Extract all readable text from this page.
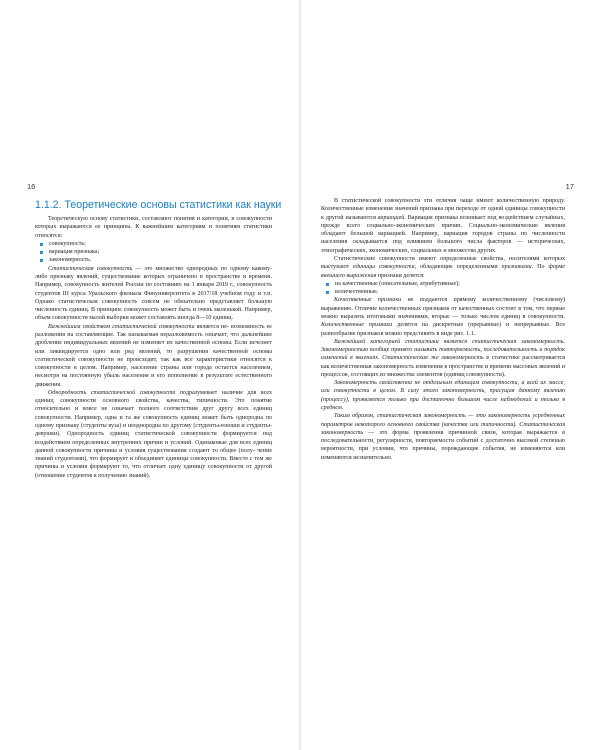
16
1.1.2. Теоретические основы статистики как науки

Теоретическую основу статистики, составляют понятия и категории, в совокупности которых выражаются ее принципы. К важнейшим категориям и понятиям статистики относятся:

совокупность;
вариация признака;
закономерность.

Статистическая совокупность — это множество однородных по одному какому-либо признаку явлений, существование которых ограничено в пространстве и времени. Например, совокупность жителей России по состоянию на 1 января 2019 г., совокупность студентов III курса Уральского филиала Финуниверситета в 2017/18 учебном году и т.п. Однако статистическая совокупность совсем не обязательно представляет большую численность единиц. В принципе совокупность может быть и очень маленькой. Например, объем совокупности малой выборки может составлять иногда 8—10 единиц.

Важнейшим свойством статистической совокупности является не- возможность ее разложения на составляющие. Так называемая неразложимость означает, что дальнейшее дробление индивидуальных явлений не изменяет их качественной основы. Если исчезнет или ликвидируется одно или ряд явлений, то разрушения качественной основы статистической совокупности не происходит, так как все характеристики относятся к совокупности в целом. Например, население страны или города остается населением, несмотря на постоянную убыль населения и его пополнение в результате естественного движения.

Однородность статистической совокупности подразумевает наличие для всех единиц совокупности основного свойства, качества, типичности. Это понятие относительно и вовсе не означает полного соответствия друг другу всех единиц совокупности. Например, одна и та же совокупность единиц может быть однородна по одному признаку (студенты вуза) и неоднородна по другому (студенты-юноши и студенты-девушки). Однородность единиц статистической совокупности формируется под воздействием определенных внутренних причин и условий. Одинаковые для всех единиц данной совокупности причины и условия существования создают то общее (полу- чение знаний студентами), что формирует и объединяет единицы совокупности. Вместе с тем же причины и условия формируют то, что отличает одну единицу совокупности от другой (отношение студентов к получению знаний).

17

В статистической совокупности эти отличия чаще имеют количественную природу. Количественные изменения значений признака при переходе от одной единицы совокупности к другой называются вариацией. Вариация признака возникает под воздействием случайных, прежде всего социально-экономических причин. Социально-экономические явления обладают большой вариацией. Например, вариация городов страны по численности населения складывается под влиянием большого числа факторов — исторических, этнографических, экономических, социальных и множества других.

Статистические совокупности имеют определенные свойства, носителями которых выступают единицы совокупности, обладающие определенными признаками. По форме внешнего выражения признаки делятся:

на качественные (описательные, атрибутивные);
количественные.

Качественные признаки не поддаются прямому количественному (числовому) выражению. Отличие количественных признаков от качественных состоит в том, что первые можно выразить итоговыми значениями, вторые — только числом единиц в совокупности. Количественные признаки делятся на дискретные (прерывные) и непрерывные. Все разнообразие признаков можно представить в виде рис. 1.1.

Важнейшей категорией статистики является статистическая закономерность. Закономерностью вообще принято называть повторяемость, последовательность и порядок изменений в явлениях. Статистическая же закономерность в статистике рассматривается как количественная закономерность изменения в пространстве и времени массовых явлений и процессов, состоящих из множества элементов (единиц совокупности).

Закономерность свойственна не отдельным единицам совокупности, а всей их массе, или совокупности в целом. В силу этого закономерность, присущая данному явлению (процессу), проявляется только при достаточно большом числе наблюдений и только в среднем.

Таким образом, статистическая закономерность — это закономерность усредненных параметров некоторого основного свойства (качества или типичности). Статистическая закономерность — это форма проявления причинной связи, которая выражается в последовательности, регулярности, повторяемости событий с достаточно высокой степенью вероятности, при условии, что причины, порождающие события, не изменяются или изменяются незначительно.
